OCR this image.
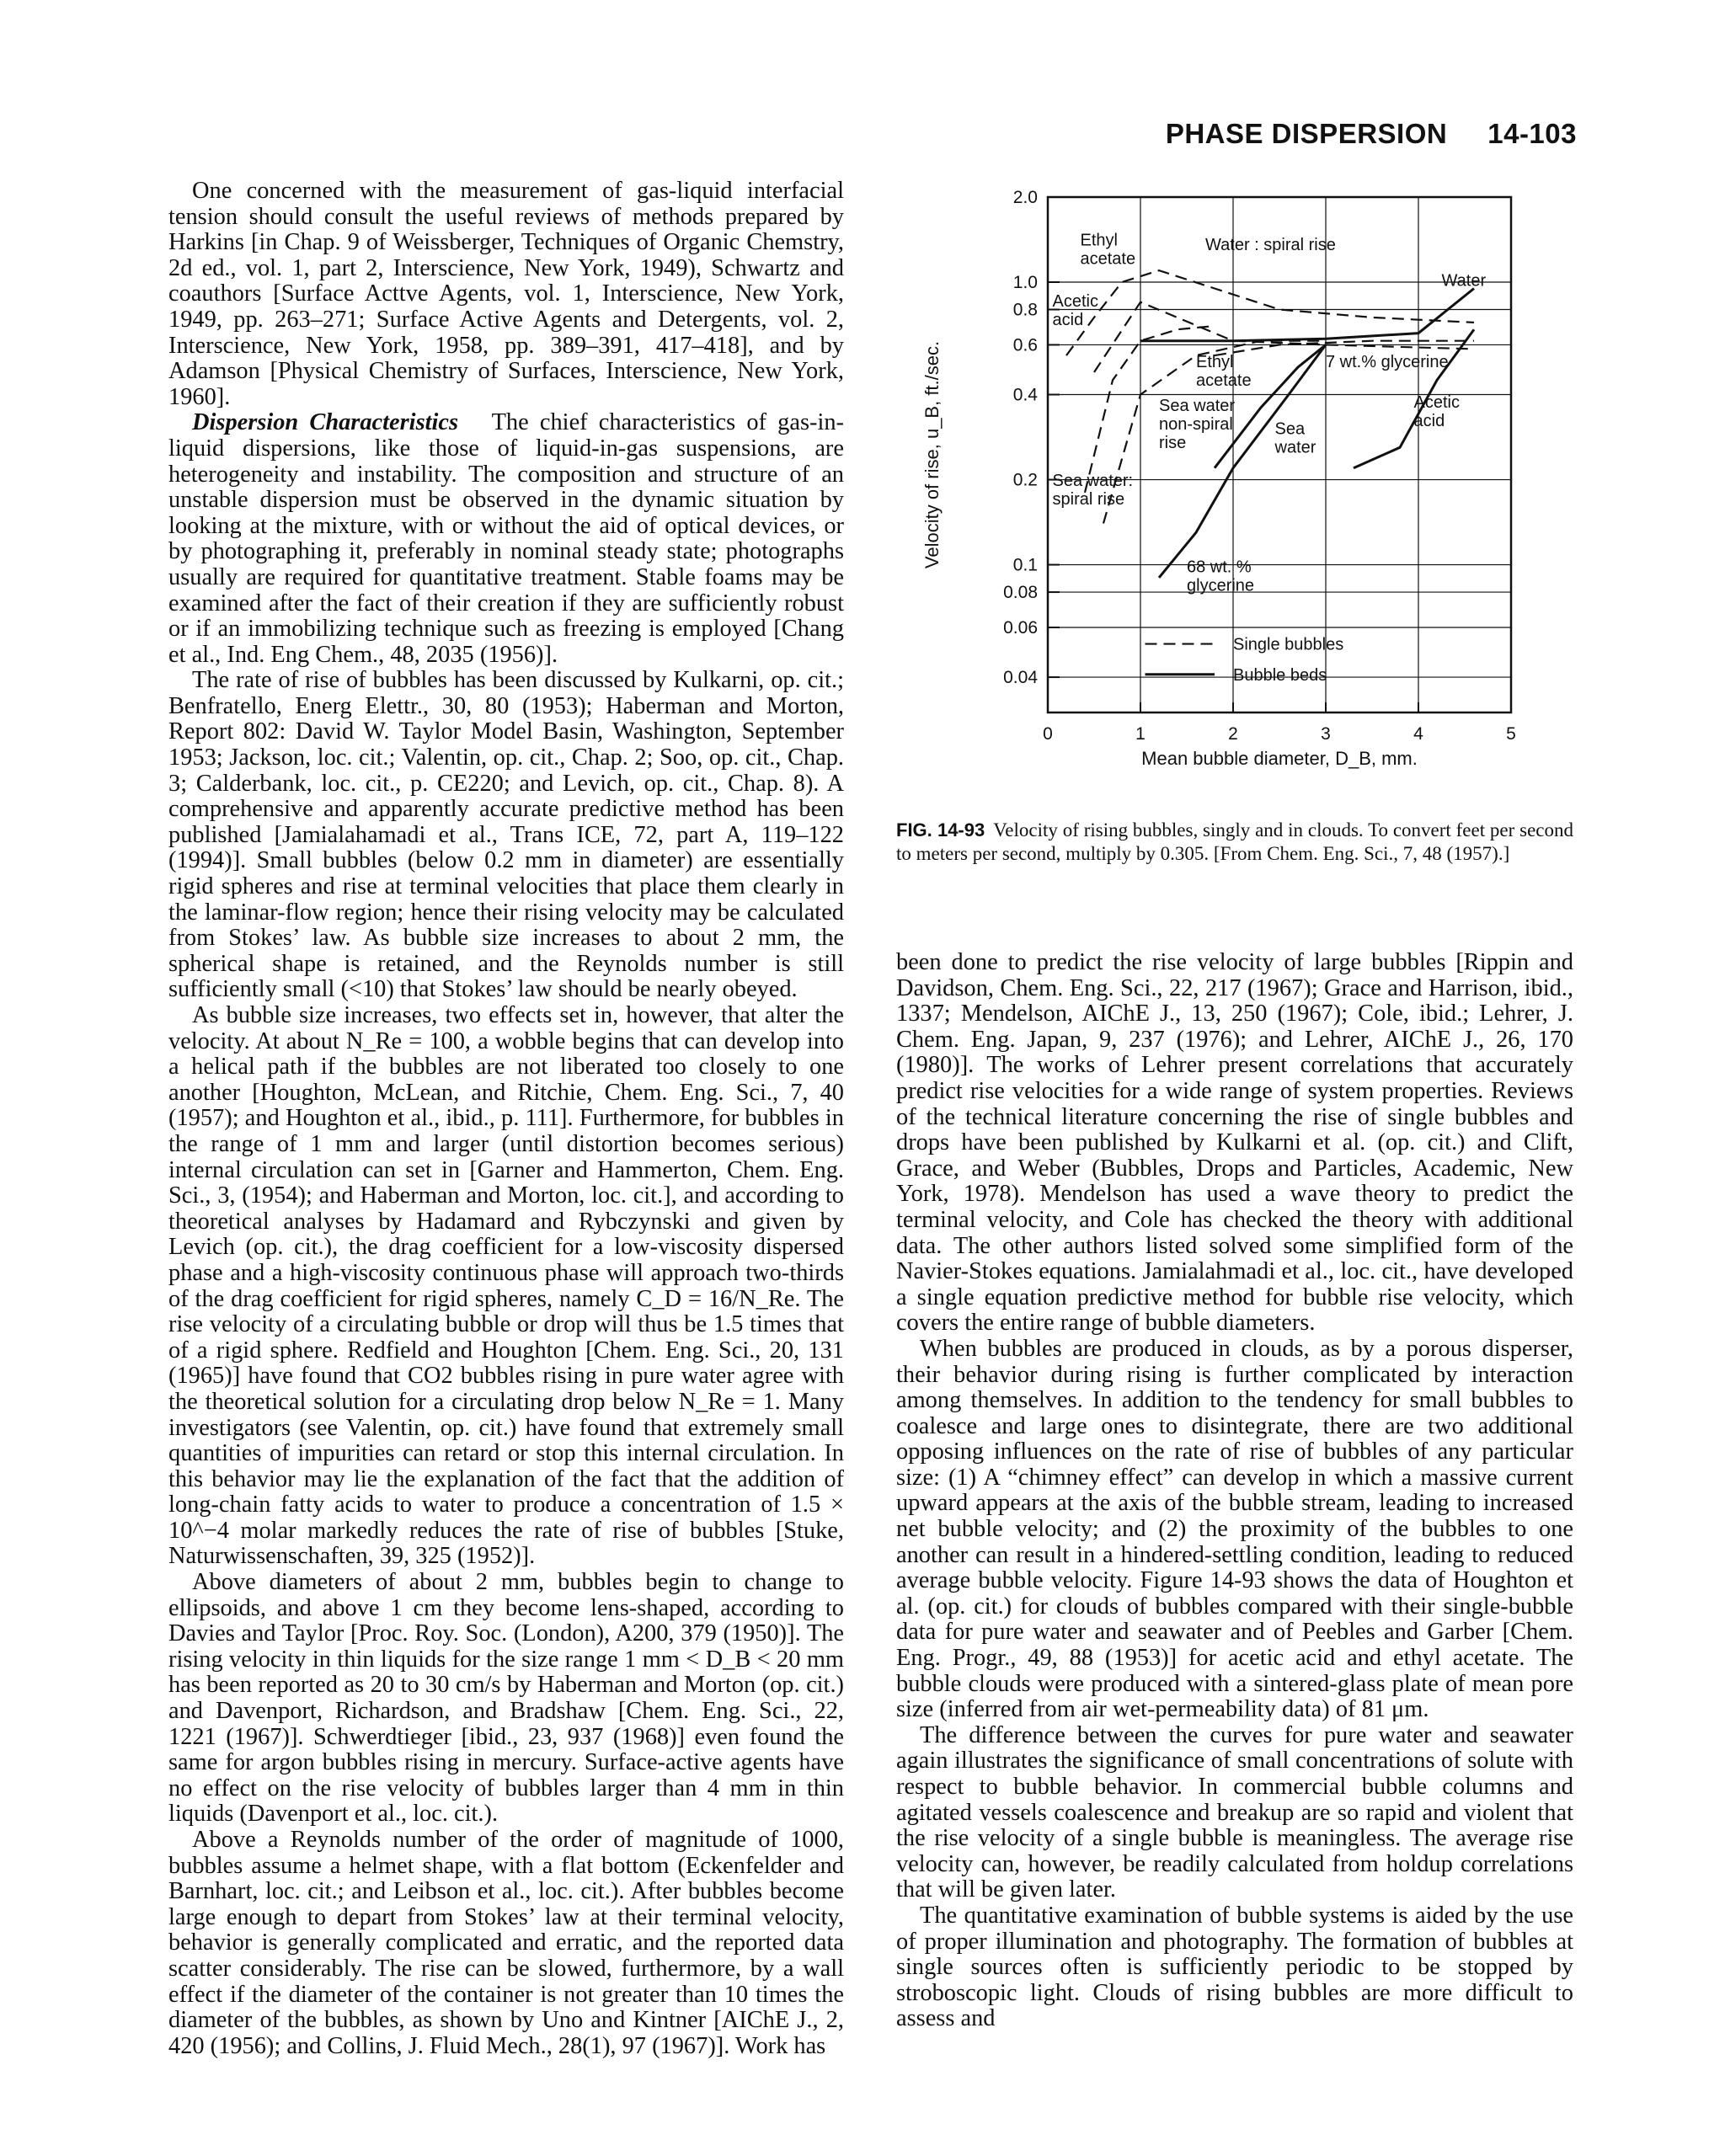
PHASE DISPERSION 14-103

One concerned with the measurement of gas-liquid interfacial tension should consult the useful reviews of methods prepared by Harkins [in Chap. 9 of Weissberger, Techniques of Organic Chemstry, 2d ed., vol. 1, part 2, Interscience, New York, 1949), Schwartz and coauthors [Surface Acttve Agents, vol. 1, Interscience, New York, 1949, pp. 263–271; Surface Active Agents and Detergents, vol. 2, Interscience, New York, 1958, pp. 389–391, 417–418], and by Adamson [Physical Chemistry of Surfaces, Interscience, New York, 1960].

Dispersion Characteristics The chief characteristics of gas-in-liquid dispersions, like those of liquid-in-gas suspensions, are heterogeneity and instability. The composition and structure of an unstable dispersion must be observed in the dynamic situation by looking at the mixture, with or without the aid of optical devices, or by photographing it, preferably in nominal steady state; photographs usually are required for quantitative treatment. Stable foams may be examined after the fact of their creation if they are sufficiently robust or if an immobilizing technique such as freezing is employed [Chang et al., Ind. Eng Chem., 48, 2035 (1956)].

The rate of rise of bubbles has been discussed by Kulkarni, op. cit.; Benfratello, Energ Elettr., 30, 80 (1953); Haberman and Morton, Report 802: David W. Taylor Model Basin, Washington, September 1953; Jackson, loc. cit.; Valentin, op. cit., Chap. 2; Soo, op. cit., Chap. 3; Calderbank, loc. cit., p. CE220; and Levich, op. cit., Chap. 8). A comprehensive and apparently accurate predictive method has been published [Jamialahamadi et al., Trans ICE, 72, part A, 119–122 (1994)]. Small bubbles (below 0.2 mm in diameter) are essentially rigid spheres and rise at terminal velocities that place them clearly in the laminar-flow region; hence their rising velocity may be calculated from Stokes’ law. As bubble size increases to about 2 mm, the spherical shape is retained, and the Reynolds number is still sufficiently small (<10) that Stokes’ law should be nearly obeyed.

As bubble size increases, two effects set in, however, that alter the velocity. At about N_Re = 100, a wobble begins that can develop into a helical path if the bubbles are not liberated too closely to one another [Houghton, McLean, and Ritchie, Chem. Eng. Sci., 7, 40 (1957); and Houghton et al., ibid., p. 111]. Furthermore, for bubbles in the range of 1 mm and larger (until distortion becomes serious) internal circulation can set in [Garner and Hammerton, Chem. Eng. Sci., 3, (1954); and Haberman and Morton, loc. cit.], and according to theoretical analyses by Hadamard and Rybczynski and given by Levich (op. cit.), the drag coefficient for a low-viscosity dispersed phase and a high-viscosity continuous phase will approach two-thirds of the drag coefficient for rigid spheres, namely C_D = 16/N_Re. The rise velocity of a circulating bubble or drop will thus be 1.5 times that of a rigid sphere. Redfield and Houghton [Chem. Eng. Sci., 20, 131 (1965)] have found that CO2 bubbles rising in pure water agree with the theoretical solution for a circulating drop below N_Re = 1. Many investigators (see Valentin, op. cit.) have found that extremely small quantities of impurities can retard or stop this internal circulation. In this behavior may lie the explanation of the fact that the addition of long-chain fatty acids to water to produce a concentration of 1.5 × 10^−4 molar markedly reduces the rate of rise of bubbles [Stuke, Naturwissenschaften, 39, 325 (1952)].

Above diameters of about 2 mm, bubbles begin to change to ellipsoids, and above 1 cm they become lens-shaped, according to Davies and Taylor [Proc. Roy. Soc. (London), A200, 379 (1950)]. The rising velocity in thin liquids for the size range 1 mm < D_B < 20 mm has been reported as 20 to 30 cm/s by Haberman and Morton (op. cit.) and Davenport, Richardson, and Bradshaw [Chem. Eng. Sci., 22, 1221 (1967)]. Schwerdtieger [ibid., 23, 937 (1968)] even found the same for argon bubbles rising in mercury. Surface-active agents have no effect on the rise velocity of bubbles larger than 4 mm in thin liquids (Davenport et al., loc. cit.).

Above a Reynolds number of the order of magnitude of 1000, bubbles assume a helmet shape, with a flat bottom (Eckenfelder and Barnhart, loc. cit.; and Leibson et al., loc. cit.). After bubbles become large enough to depart from Stokes’ law at their terminal velocity, behavior is generally complicated and erratic, and the reported data scatter considerably. The rise can be slowed, furthermore, by a wall effect if the diameter of the container is not greater than 10 times the diameter of the bubbles, as shown by Uno and Kintner [AIChE J., 2, 420 (1956); and Collins, J. Fluid Mech., 28(1), 97 (1967)]. Work has

2.0
1.0
0.8
0.6
0.4
0.2
0.1
0.08
0.06
0.04
0	1	2	3	4	5
Mean bubble diameter, D_B, mm.
Velocity of rise, u_B, ft./sec.
Ethyl
acetate
Water : spiral rise
Water
Acetic
acid
Ethyl
acetate
7 wt.% glycerine
Acetic
acid
Sea water
non-spiral
rise
Sea
water
Sea water:
spiral rise
68 wt. %
glycerine
Single bubbles
Bubble beds
FIG. 14-93 Velocity of rising bubbles, singly and in clouds. To convert feet per second to meters per second, multiply by 0.305. [From Chem. Eng. Sci., 7, 48 (1957).]

been done to predict the rise velocity of large bubbles [Rippin and Davidson, Chem. Eng. Sci., 22, 217 (1967); Grace and Harrison, ibid., 1337; Mendelson, AIChE J., 13, 250 (1967); Cole, ibid.; Lehrer, J. Chem. Eng. Japan, 9, 237 (1976); and Lehrer, AIChE J., 26, 170 (1980)]. The works of Lehrer present correlations that accurately predict rise velocities for a wide range of system properties. Reviews of the technical literature concerning the rise of single bubbles and drops have been published by Kulkarni et al. (op. cit.) and Clift, Grace, and Weber (Bubbles, Drops and Particles, Academic, New York, 1978). Mendelson has used a wave theory to predict the terminal velocity, and Cole has checked the theory with additional data. The other authors listed solved some simplified form of the Navier-Stokes equations. Jamialahmadi et al., loc. cit., have developed a single equation predictive method for bubble rise velocity, which covers the entire range of bubble diameters.

When bubbles are produced in clouds, as by a porous disperser, their behavior during rising is further complicated by interaction among themselves. In addition to the tendency for small bubbles to coalesce and large ones to disintegrate, there are two additional opposing influences on the rate of rise of bubbles of any particular size: (1) A “chimney effect” can develop in which a massive current upward appears at the axis of the bubble stream, leading to increased net bubble velocity; and (2) the proximity of the bubbles to one another can result in a hindered-settling condition, leading to reduced average bubble velocity. Figure 14-93 shows the data of Houghton et al. (op. cit.) for clouds of bubbles compared with their single-bubble data for pure water and seawater and of Peebles and Garber [Chem. Eng. Progr., 49, 88 (1953)] for acetic acid and ethyl acetate. The bubble clouds were produced with a sintered-glass plate of mean pore size (inferred from air wet-permeability data) of 81 μm.

The difference between the curves for pure water and seawater again illustrates the significance of small concentrations of solute with respect to bubble behavior. In commercial bubble columns and agitated vessels coalescence and breakup are so rapid and violent that the rise velocity of a single bubble is meaningless. The average rise velocity can, however, be readily calculated from holdup correlations that will be given later.

The quantitative examination of bubble systems is aided by the use of proper illumination and photography. The formation of bubbles at single sources often is sufficiently periodic to be stopped by stroboscopic light. Clouds of rising bubbles are more difficult to assess and
